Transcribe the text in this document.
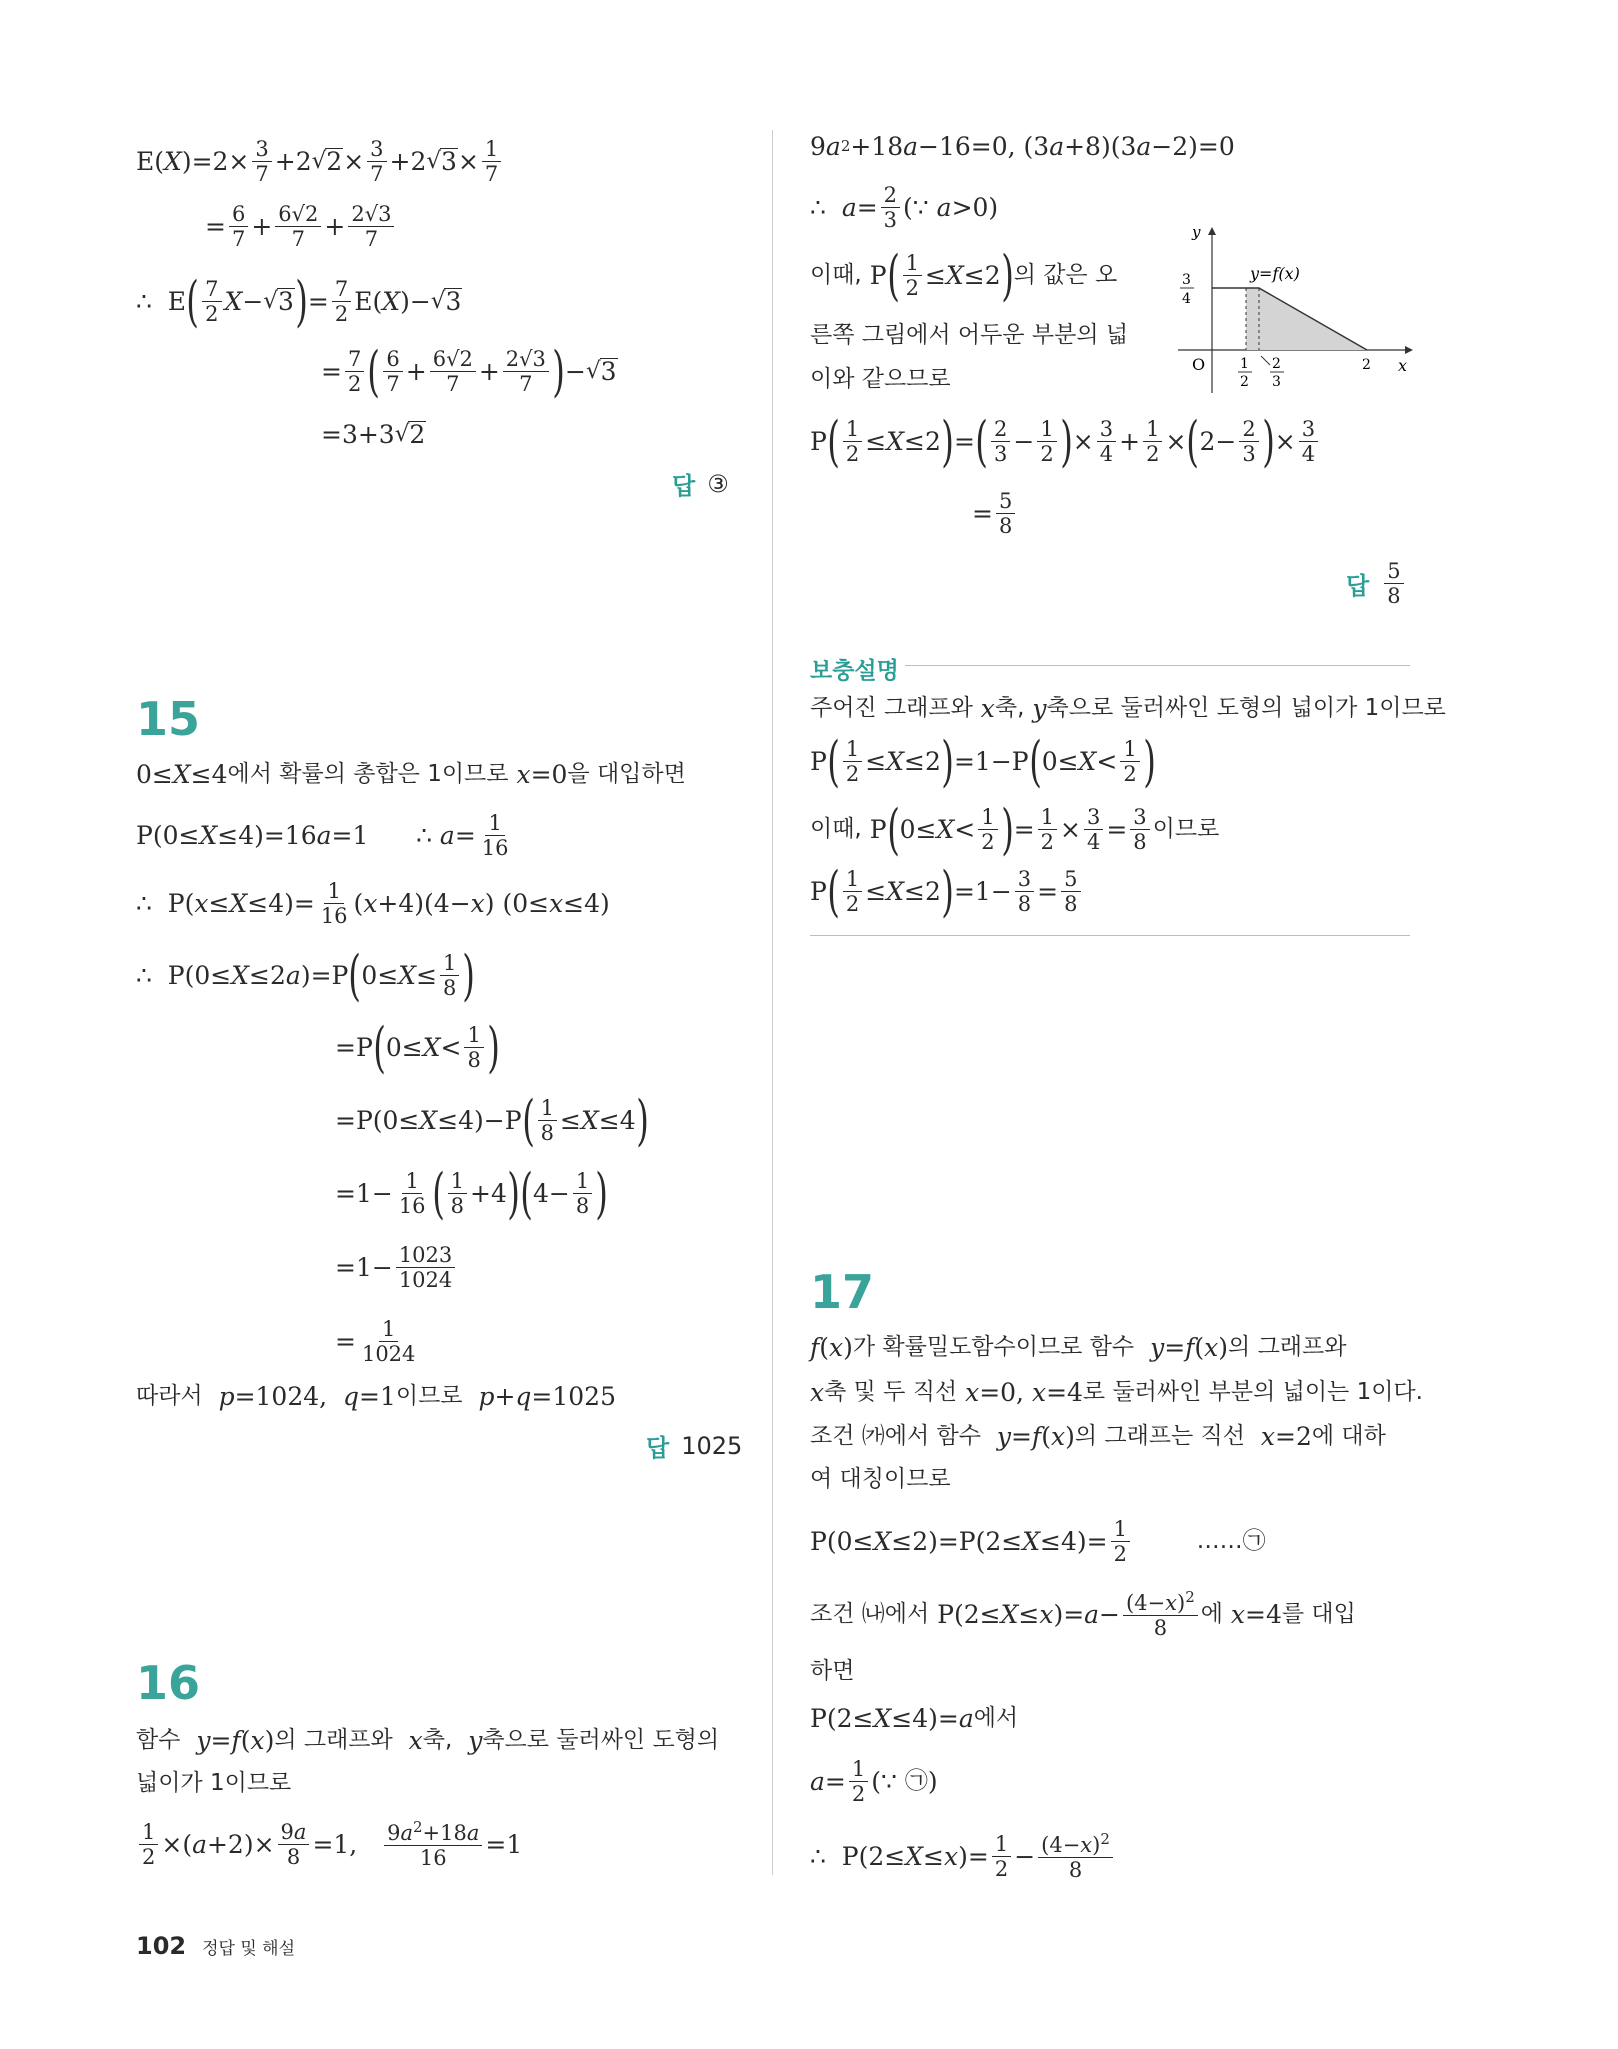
E( X )=2× 3
7 +2 √ 2 × 3
7 +2 √ 3 × 1
7
= 6
7 + 6√2
7 + 2√3
7
∴  E ( 7
2 X − √ 3 ) = 7
2 E( X )− √ 3
= 7
2 ( 6
7 + 6√2
7 + 2√3
7 ) − √ 3
=3+3 √ 2
답 ③
15
0≤ X ≤4 에서 확률의 총합은 1이므로
x =0 을 대입하면
P(0≤ X ≤4)=16 a =1      ∴ a = 1
16
∴  P( x ≤ X ≤4)= 1
16 ( x +4)(4− x ) (0≤ x ≤4)
∴  P(0≤ X ≤2 a )=P ( 0≤ X ≤ 1
8 )
=P ( 0≤ X < 1
8 )
=P(0≤ X ≤4)−P ( 1
8 ≤ X ≤4 )
=1− 1
16 ( 1
8 +4 ) ( 4− 1
8 )
=1− 1023
1024
= 1
1024
따라서
p =1024, q =1 이므로
p + q =1025
답 1025
16
함수
y = f ( x ) 의 그래프와
x 축,
y 축으로 둘러싸인 도형의
넓이가 1이므로
1
2 ×( a +2)× 9a
8 =1, $9a^2+18a$
16 =1
9 a 2 +18 a −16=0, (3 a +8)(3 a −2)=0
∴ a = 2
3 (∵ a >0)
이때, P ( 1
2 ≤ X ≤2 ) 의 값은 오
른쪽 그림에서 어두운 부분의 넓
이와 같으므로
y
x
O
y=f(x)
3
4
1
2
2
3
2
P ( 1
2 ≤ X ≤2 ) = ( 2
3 − 1
2 ) × 3
4 + 1
2 × ( 2− 2
3 ) × 3
4
= 5
8
답
5
8
보충설명
주어진 그래프와
x 축,
y 축으로 둘러싸인 도형의 넓이가 1이므로
P ( 1
2 ≤ X ≤2 ) =1−P ( 0≤ X < 1
2 )
이때, P ( 0≤ X < 1
2 ) = 1
2 × 3
4 = 3
8 이므로
P ( 1
2 ≤ X ≤2 ) =1− 3
8 = 5
8
17
f ( x ) 가 확률밀도함수이므로 함수
y = f ( x ) 의 그래프와
x 축 및 두 직선
x =0, x =4 로 둘러싸인 부분의 넓이는 1이다.
조건 ㈎에서 함수
y = f ( x ) 의 그래프는 직선
x =2 에 대하
여 대칭이므로
P(0≤ X ≤2)=P(2≤ X ≤4)= 1
2
	…… ㉠
조건 ㈏에서 P(2≤ X ≤ x )= $a - (4-x)^2$
8
에
x =4 를 대입
하면
P(2≤ X ≤4)= a 에서
a = 1
2 (∵ ㉠ )
∴  P(2≤ X ≤ x )= 1
$2 - (4-x)^2$
8
102 정답 및 해설
